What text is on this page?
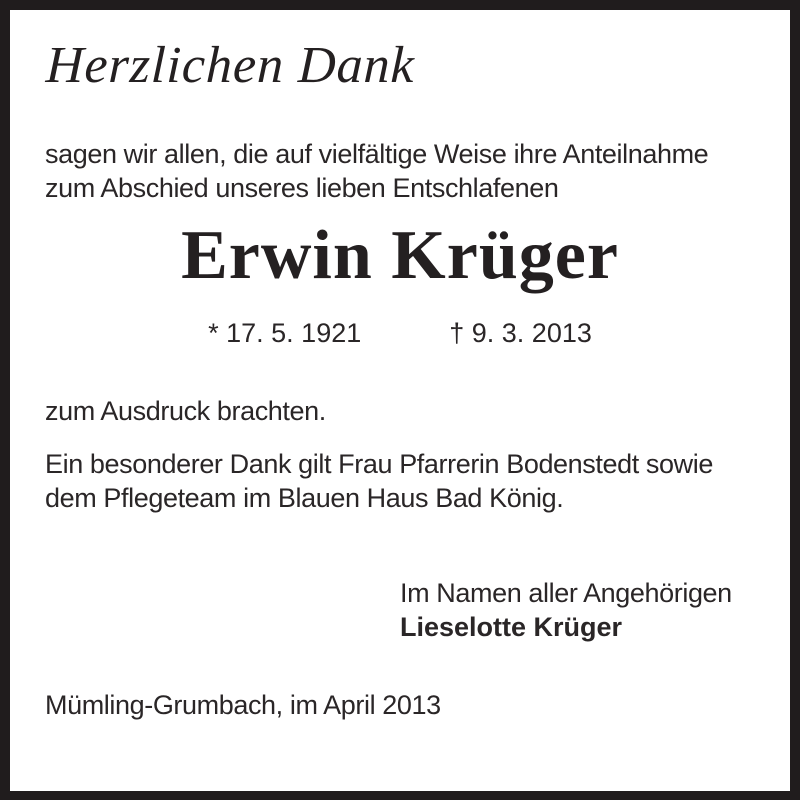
Herzlichen Dank

sagen wir allen, die auf vielfältige Weise ihre Anteilnahme
zum Abschied unseres lieben Entschlafenen

Erwin Krüger
* 17. 5. 1921	† 9. 3. 2013

zum Ausdruck brachten.

Ein besonderer Dank gilt Frau Pfarrerin Bodenstedt sowie
dem Pflegeteam im Blauen Haus Bad König.

Im Namen aller Angehörigen
Lieselotte Krüger

Mümling-Grumbach, im April 2013
